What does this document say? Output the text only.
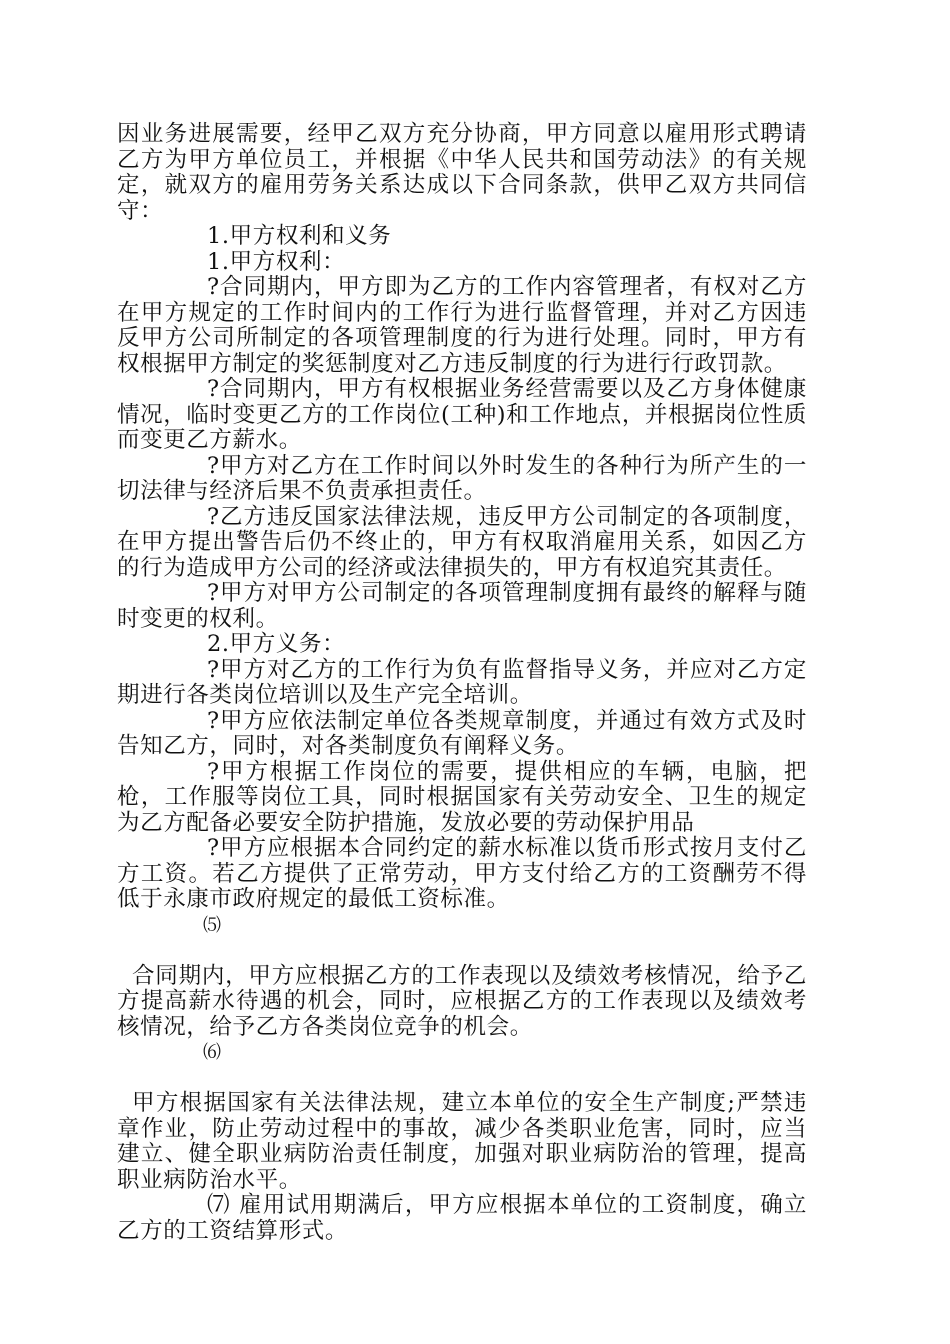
因业务进展需要，经甲乙双方充分协商，甲方同意以雇用形式聘请乙方为甲方单位员工，并根据《中华人民共和国劳动法》的有关规定，就双方的雇用劳务关系达成以下合同条款，供甲乙双方共同信守：

1.甲方权利和义务

1.甲方权利：

?合同期内，甲方即为乙方的工作内容管理者，有权对乙方在甲方规定的工作时间内的工作行为进行监督管理，并对乙方因违反甲方公司所制定的各项管理制度的行为进行处理。同时，甲方有权根据甲方制定的奖惩制度对乙方违反制度的行为进行行政罚款。

?合同期内，甲方有权根据业务经营需要以及乙方身体健康情况，临时变更乙方的工作岗位(工种)和工作地点，并根据岗位性质而变更乙方薪水。

?甲方对乙方在工作时间以外时发生的各种行为所产生的一切法律与经济后果不负责承担责任。

?乙方违反国家法律法规，违反甲方公司制定的各项制度，在甲方提出警告后仍不终止的，甲方有权取消雇用关系，如因乙方的行为造成甲方公司的经济或法律损失的，甲方有权追究其责任。

?甲方对甲方公司制定的各项管理制度拥有最终的解释与随时变更的权利。

2.甲方义务：

?甲方对乙方的工作行为负有监督指导义务，并应对乙方定期进行各类岗位培训以及生产完全培训。

?甲方应依法制定单位各类规章制度，并通过有效方式及时告知乙方，同时，对各类制度负有阐释义务。

?甲方根据工作岗位的需要，提供相应的车辆，电脑，把枪，工作服等岗位工具，同时根据国家有关劳动安全、卫生的规定为乙方配备必要安全防护措施，发放必要的劳动保护用品

?甲方应根据本合同约定的薪水标准以货币形式按月支付乙方工资。若乙方提供了正常劳动，甲方支付给乙方的工资酬劳不得低于永康市政府规定的最低工资标准。

⑸

合同期内，甲方应根据乙方的工作表现以及绩效考核情况，给予乙方提高薪水待遇的机会，同时，应根据乙方的工作表现以及绩效考核情况，给予乙方各类岗位竞争的机会。

⑹

甲方根据国家有关法律法规，建立本单位的安全生产制度;严禁违章作业，防止劳动过程中的事故，减少各类职业危害，同时，应当建立、健全职业病防治责任制度，加强对职业病防治的管理，提高职业病防治水平。

⑺ 雇用试用期满后，甲方应根据本单位的工资制度，确立乙方的工资结算形式。
